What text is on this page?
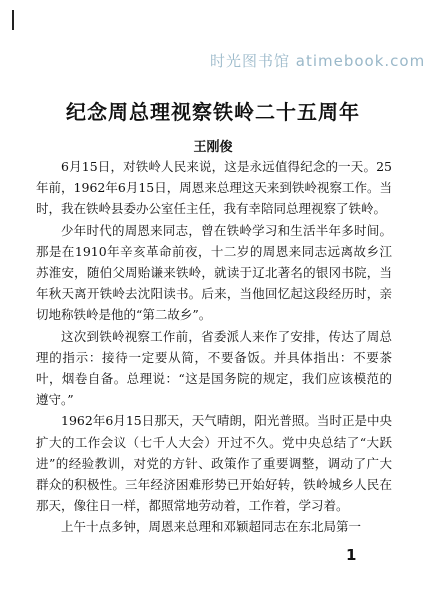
时光图书馆 atimebook.com
纪念周总理视察铁岭二十五周年
王刚俊

6月15日，对铁岭人民来说，这是永远值得纪念的一天。25年前，1962年6月15日，周恩来总理这天来到铁岭视察工作。当时，我在铁岭县委办公室任主任，我有幸陪同总理视察了铁岭。

少年时代的周恩来同志，曾在铁岭学习和生活半年多时间。那是在1910年辛亥革命前夜，十二岁的周恩来同志远离故乡江苏淮安，随伯父周贻谦来铁岭，就读于辽北著名的银冈书院，当年秋天离开铁岭去沈阳读书。后来，当他回忆起这段经历时，亲切地称铁岭是他的“第二故乡”。

这次到铁岭视察工作前，省委派人来作了安排，传达了周总理的指示：接待一定要从简，不要备饭。并具体指出：不要茶叶，烟卷自备。总理说：“这是国务院的规定，我们应该模范的遵守。”

1962年6月15日那天，天气晴朗，阳光普照。当时正是中央扩大的工作会议（七千人大会）开过不久。党中央总结了“大跃进”的经验教训，对党的方针、政策作了重要调整，调动了广大群众的积极性。三年经济困难形势已开始好转，铁岭城乡人民在那天，像往日一样，都照常地劳动着，工作着，学习着。

上午十点多钟，周恩来总理和邓颖超同志在东北局第一

1
